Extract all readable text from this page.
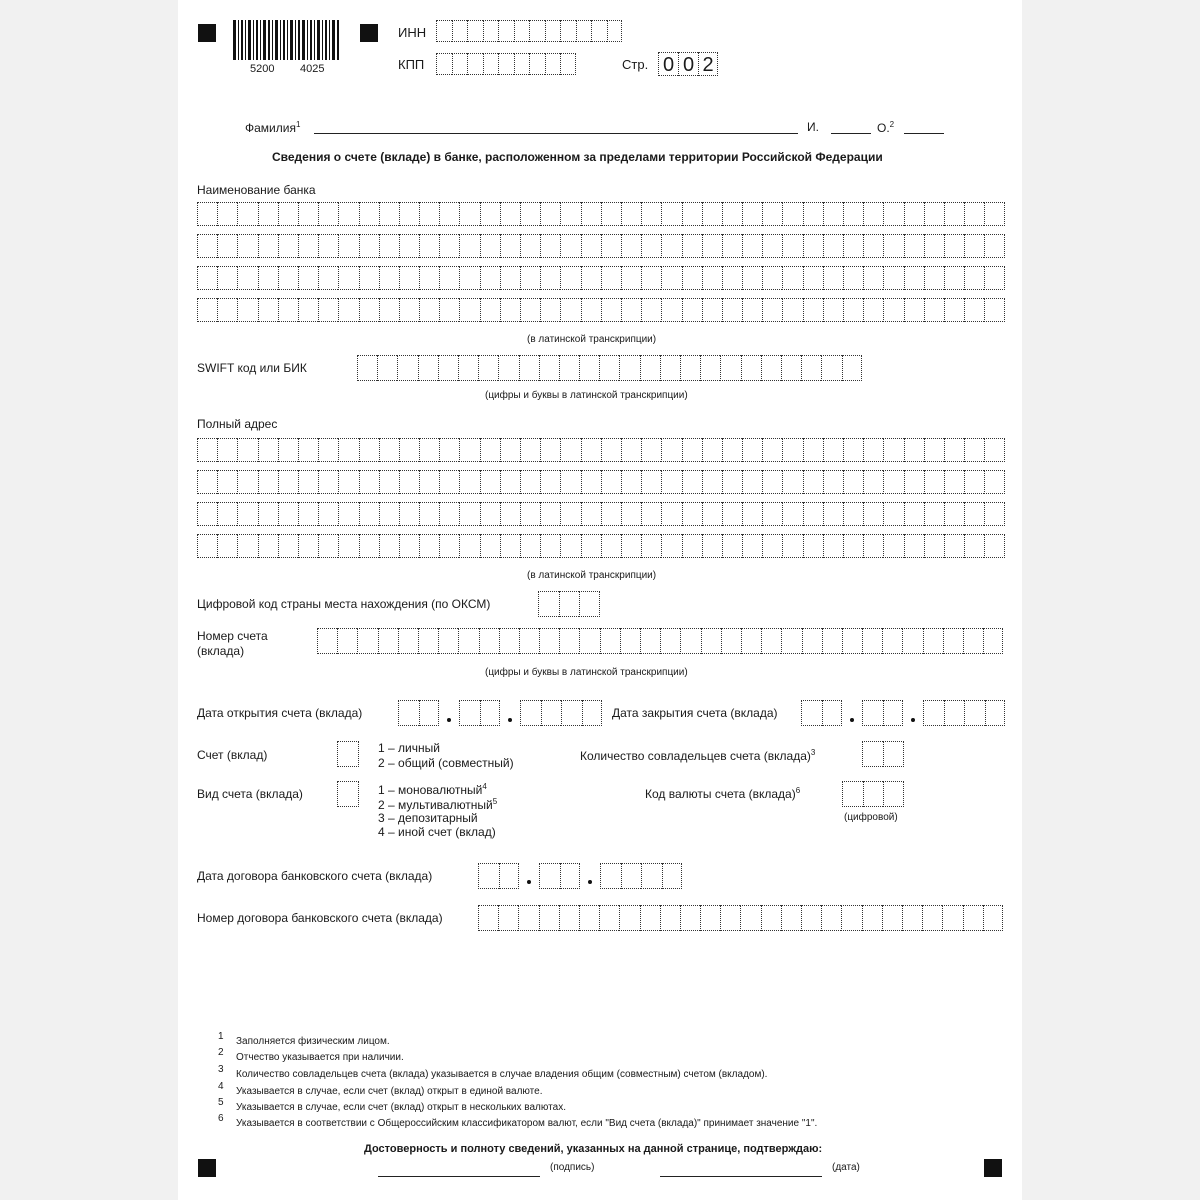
5200 4025
ИНН
КПП	Стр. 0 0 2
Фамилия$^1$	И.	О.$^2$
Сведения о счете (вкладе) в банке, расположенном за пределами территории Российской Федерации
Наименование банка
(в латинской транскрипции)
SWIFT код или БИК
(цифры и буквы в латинской транскрипции)
Полный адрес
(в латинской транскрипции)
Цифровой код страны места нахождения (по ОКСМ)
Номер счета
(вклада)
(цифры и буквы в латинской транскрипции)
Дата открытия счета (вклада)	Дата закрытия счета (вклада)
Счет (вклад)	1 – личный
2 – общий (совместный)	Количество совладельцев счета (вклада)$^3$
Вид счета (вклада)	1 – моновалютный$^4$
2 – мультивалютный$^5$
3 – депозитарный
4 – иной счет (вклад)
Код валюты счета (вклада)$^6$
(цифровой)
Дата договора банковского счета (вклада)
Номер договора банковского счета (вклада)
1 Заполняется физическим лицом.
2 Отчество указывается при наличии.
3 Количество совладельцев счета (вклада) указывается в случае владения общим (совместным) счетом (вкладом).
4 Указывается в случае, если счет (вклад) открыт в единой валюте.
5 Указывается в случае, если счет (вклад) открыт в нескольких валютах.
6 Указывается в соответствии с Общероссийским классификатором валют, если "Вид счета (вклада)" принимает значение "1".
Достоверность и полноту сведений, указанных на данной странице, подтверждаю:
(подпись)	(дата)
